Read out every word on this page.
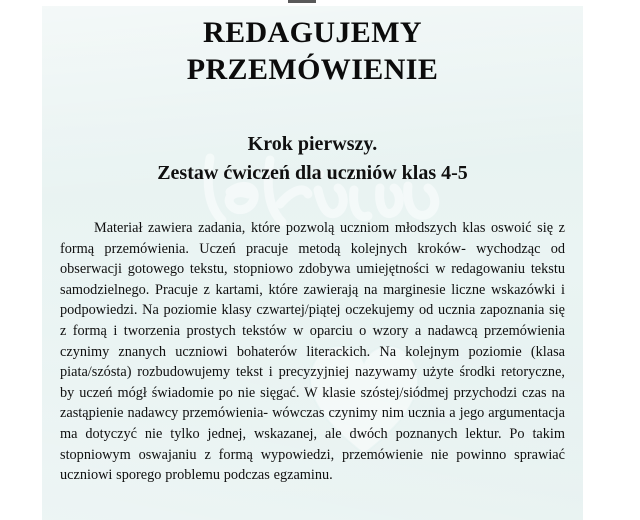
REDAGUJEMY
PRZEMÓWIENIE
Krok pierwszy.
Zestaw ćwiczeń dla uczniów klas 4-5

Materiał zawiera zadania, które pozwolą uczniom młodszych klas oswoić się z formą przemówienia. Uczeń pracuje metodą kolejnych kroków- wychodząc od obserwacji gotowego tekstu, stopniowo zdobywa umiejętności w redagowaniu tekstu samodzielnego. Pracuje z kartami, które zawierają na marginesie liczne wskazówki i podpowiedzi. Na poziomie klasy czwartej/piątej oczekujemy od ucznia zapoznania się z formą i tworzenia prostych tekstów w oparciu o wzory a nadawcą przemówienia czynimy znanych uczniowi bohaterów literackich. Na kolejnym poziomie (klasa piata/szósta) rozbudowujemy tekst i precyzyjniej nazywamy użyte środki retoryczne, by uczeń mógł świadomie po nie sięgać. W klasie szóstej/siódmej przychodzi czas na zastąpienie nadawcy przemówienia- wówczas czynimy nim ucznia a jego argumentacja ma dotyczyć nie tylko jednej, wskazanej, ale dwóch poznanych lektur. Po takim stopniowym oswajaniu z formą wypowiedzi, przemówienie nie powinno sprawiać uczniowi sporego problemu podczas egzaminu.
